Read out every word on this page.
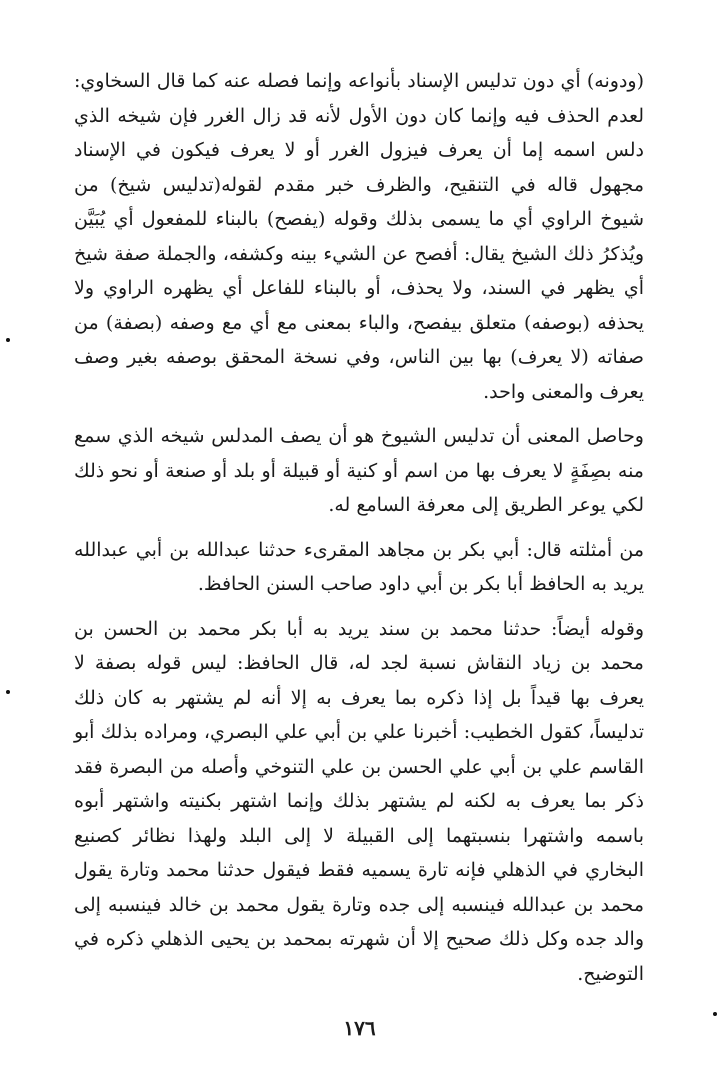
(ودونه) أي دون تدليس الإسناد بأنواعه وإنما فصله عنه كما قال السخاوي: لعدم الحذف فيه وإنما كان دون الأول لأنه قد زال الغرر فإن شيخه الذي دلس اسمه إما أن يعرف فيزول الغرر أو لا يعرف فيكون في الإسناد مجهول قاله في التنقيح، والظرف خبر مقدم لقوله(تدليس شيخ) من شيوخ الراوي أي ما يسمى بذلك وقوله (يفصح) بالبناء للمفعول أي يُبَيَّن ويُذكرُ ذلك الشيخ يقال: أفصح عن الشيء بينه وكشفه، والجملة صفة شيخ أي يظهر في السند، ولا يحذف، أو بالبناء للفاعل أي يظهره الراوي ولا يحذفه (بوصفه) متعلق بيفصح، والباء بمعنى مع أي مع وصفه (بصفة) من صفاته (لا يعرف) بها بين الناس، وفي نسخة المحقق بوصفه بغير وصف يعرف والمعنى واحد.

وحاصل المعنى أن تدليس الشيوخ هو أن يصف المدلس شيخه الذي سمع منه بصِفَةٍ لا يعرف بها من اسم أو كنية أو قبيلة أو بلد أو صنعة أو نحو ذلك لكي يوعر الطريق إلى معرفة السامع له.

من أمثلته قال: أبي بكر بن مجاهد المقرىء حدثنا عبدالله بن أبي عبدالله يريد به الحافظ أبا بكر بن أبي داود صاحب السنن الحافظ.

وقوله أيضاً: حدثنا محمد بن سند يريد به أبا بكر محمد بن الحسن بن محمد بن زياد النقاش نسبة لجد له، قال الحافظ: ليس قوله بصفة لا يعرف بها قيداً بل إذا ذكره بما يعرف به إلا أنه لم يشتهر به كان ذلك تدليساً، كقول الخطيب: أخبرنا علي بن أبي علي البصري، ومراده بذلك أبو القاسم علي بن أبي علي الحسن بن علي التنوخي وأصله من البصرة فقد ذكر بما يعرف به لكنه لم يشتهر بذلك وإنما اشتهر بكنيته واشتهر أبوه باسمه واشتهرا بنسبتهما إلى القبيلة لا إلى البلد ولهذا نظائر كصنيع البخاري في الذهلي فإنه تارة يسميه فقط فيقول حدثنا محمد وتارة يقول محمد بن عبدالله فينسبه إلى جده وتارة يقول محمد بن خالد فينسبه إلى والد جده وكل ذلك صحيح إلا أن شهرته بمحمد بن يحيى الذهلي ذكره في التوضيح.

١٧٦
